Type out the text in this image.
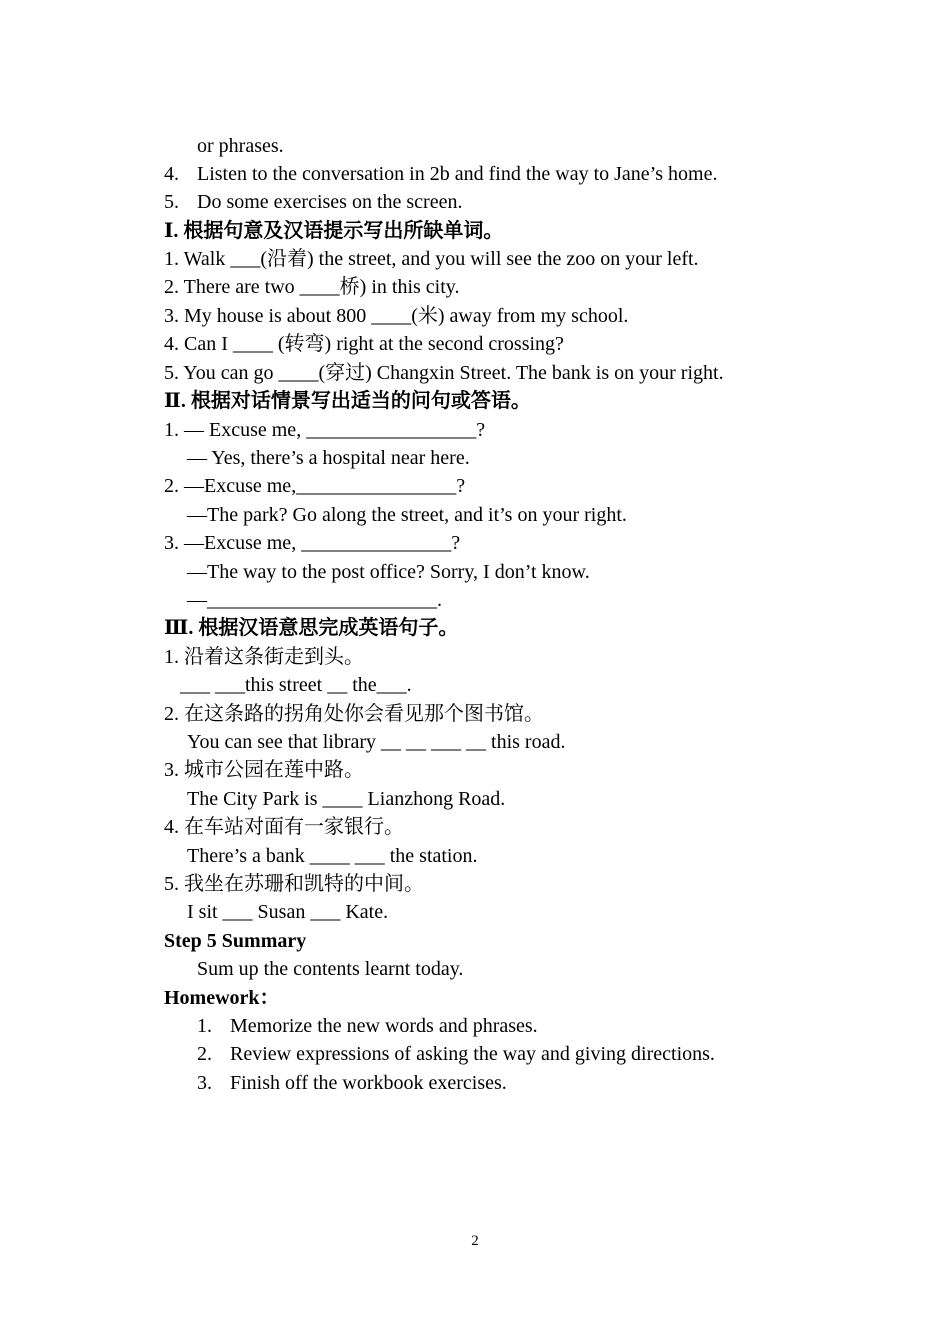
or phrases.
4. Listen to the conversation in 2b and find the way to Jane’s home.
5. Do some exercises on the screen.
Ⅰ. 根据句意及汉语提示写出所缺单词。
1. Walk ___(沿着) the street, and you will see the zoo on your left.
2. There are two ____桥) in this city.
3. My house is about 800 ____(米) away from my school.
4. Can I ____ (转弯) right at the second crossing?
5. You can go ____(穿过) Changxin Street. The bank is on your right.
Ⅱ. 根据对话情景写出适当的问句或答语。
1. — Excuse me, _________________?
— Yes, there’s a hospital near here.
2. —Excuse me,________________?
—The park? Go along the street, and it’s on your right.
3. —Excuse me, _______________?
—The way to the post office? Sorry, I don’t know.
—_______________________.
Ⅲ. 根据汉语意思完成英语句子。
1. 沿着这条街走到头。
___ ___this street __ the___.
2. 在这条路的拐角处你会看见那个图书馆。
You can see that library __ __ ___ __ this road.
3. 城市公园在莲中路。
The City Park is ____ Lianzhong Road.
4. 在车站对面有一家银行。
There’s a bank ____ ___ the station.
5. 我坐在苏珊和凯特的中间。
I sit ___ Susan ___ Kate.
Step 5 Summary
Sum up the contents learnt today.
Homework：
1. Memorize the new words and phrases.
2. Review expressions of asking the way and giving directions.
3. Finish off the workbook exercises.
2
